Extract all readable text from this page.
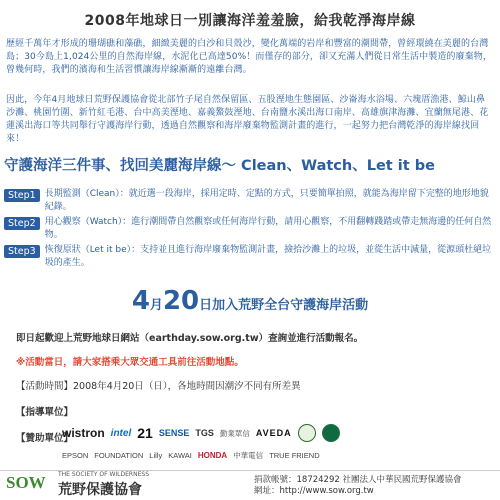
2008年地球日一別讓海洋羞羞臉，給我乾淨海岸線
歷經千萬年才形成的珊瑚礁和藻礁，細緻美麗的白沙和貝殼沙，變化萬端的岩岸和豐富的潮間帶，曾經環繞在美麗的台灣島；30今島上1,024公里的自然海岸線，水泥化已高達50%！而僅存的部分，卻又充滿人們從日常生活中製造的廢棄物，曾幾何時，我們的濱海和生活習慣讓海岸線漸漸的遠離台灣。
因此，今年4月地球日荒野保護協會從北部竹子尾自然保留區、五股溼地生態園區、沙崙海水浴場、六塊厝漁港、鯨山鼻沙灘、桃園竹圍、新竹紅毛港、台中高美溼地、嘉義鰲鼓溼地、台南鹽水溪出海口南岸、高雄旗津海灘、宜蘭無尾港、花蓮溪出海口等共同舉行守護海岸行動，透過自然觀察和海岸廢棄物監測計畫的進行，一起努力把台灣乾淨的海岸線找回來！
守護海洋三件事、找回美麗海岸線～ Clean、Watch、Let it be
Step1	長期監測（Clean）：就近選一段海岸，採用定時、定點的方式，只要簡單拍照，就能為海岸留下完整的地形地貌紀錄。
Step2	用心觀察（Watch）：進行潮間帶自然觀察或任何海岸行動，請用心觀察，不用翻轉踐踏或帶走無海邊的任何自然物。
Step3	恢復原狀（Let it be）：支持並且進行海岸廢棄物監測計畫，撿拾沙灘上的垃圾，並從生活中減量，從源頭杜絕垃圾的產生。
4月20日加入荒野全台守護海岸活動
即日起歡迎上荒野地球日網站（earthday.sow.org.tw）查詢並進行活動報名。
※活動當日，請大家搭乘大眾交通工具前往活動地點。
【活動時間】2008年4月20日（日），各地時間因潮汐不同有所差異
【指導單位】
【贊助單位】
wistron intel 21 SENSE TGS 勤業眾信 AVEDA
EPSON FOUNDATION Lilly KAWAI HONDA 中華電信 TRUE FRIEND
SOW THE SOCIETY OF WILDERNESS
荒野保護協會
捐款帳號：18724292 社團法人中華民國荒野保護協會
網址：http://www.sow.org.tw
